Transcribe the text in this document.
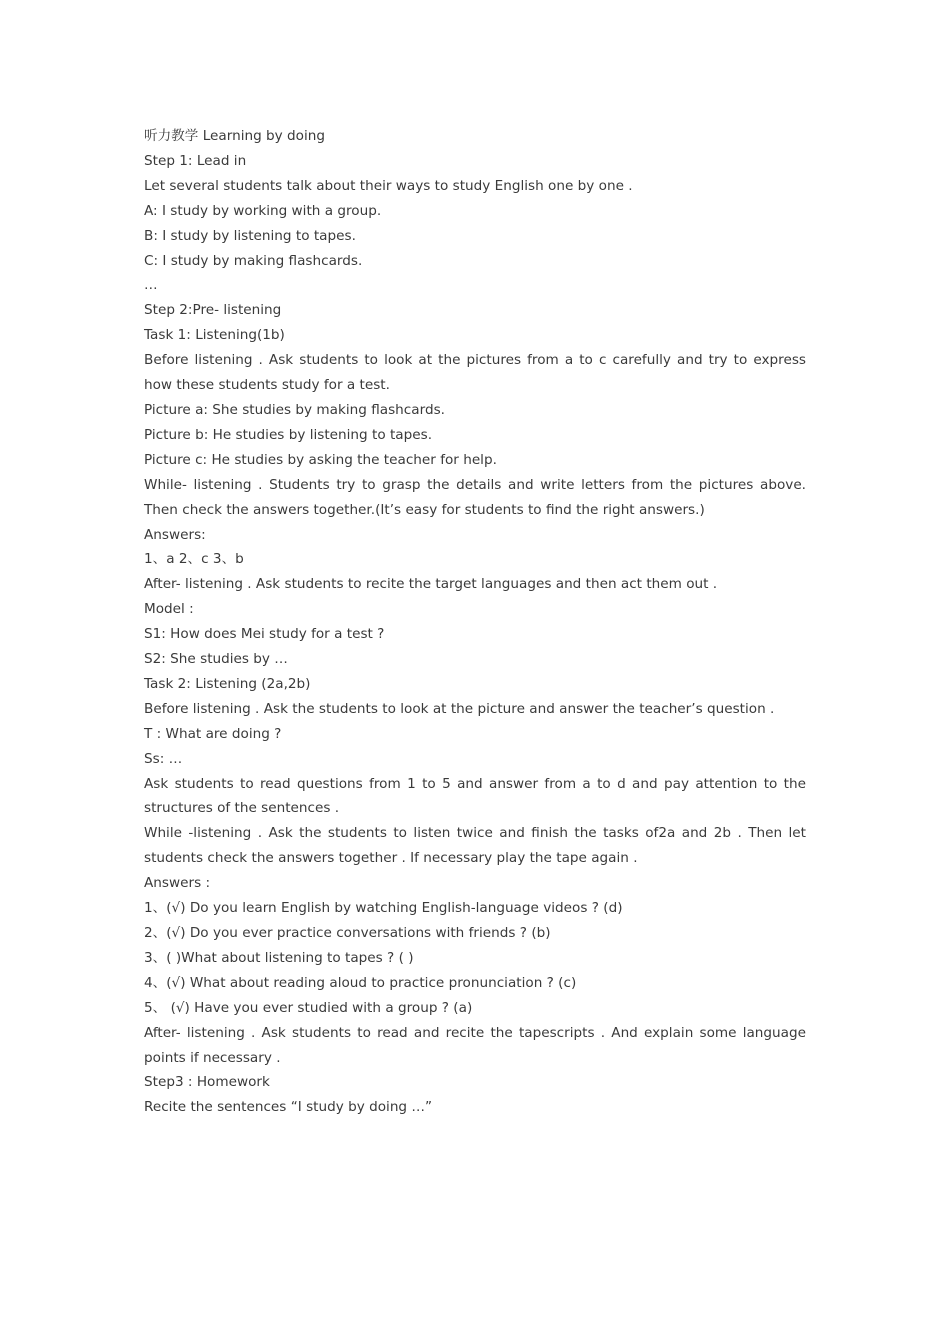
听力教学 Learning by doing

Step 1: Lead in

Let several students talk about their ways to study English one by one .

A: I study by working with a group.

B: I study by listening to tapes.

C: I study by making flashcards.

…

Step 2:Pre- listening

Task 1: Listening(1b)

Before listening . Ask students to look at the pictures from a to c carefully and try to express how these students study for a test.

Picture a: She studies by making flashcards.

Picture b: He studies by listening to tapes.

Picture c: He studies by asking the teacher for help.

While- listening . Students try to grasp the details and write letters from the pictures above. Then check the answers together.(It’s easy for students to find the right answers.)

Answers:

1、a 2、c 3、b

After- listening . Ask students to recite the target languages and then act them out .

Model :

S1: How does Mei study for a test ?

S2: She studies by …

Task 2: Listening (2a,2b)

Before listening . Ask the students to look at the picture and answer the teacher’s question .

T : What are doing ?

Ss: …

Ask students to read questions from 1 to 5 and answer from a to d and pay attention to the structures of the sentences .

While -listening . Ask the students to listen twice and finish the tasks of2a and 2b . Then let students check the answers together . If necessary play the tape again .

Answers :

1、(√) Do you learn English by watching English-language videos ? (d)

2、(√) Do you ever practice conversations with friends ? (b)

3、( )What about listening to tapes ? ( )

4、(√) What about reading aloud to practice pronunciation ? (c)

5、 (√) Have you ever studied with a group ? (a)

After- listening . Ask students to read and recite the tapescripts . And explain some language points if necessary .

Step3 : Homework

Recite the sentences “I study by doing …”
